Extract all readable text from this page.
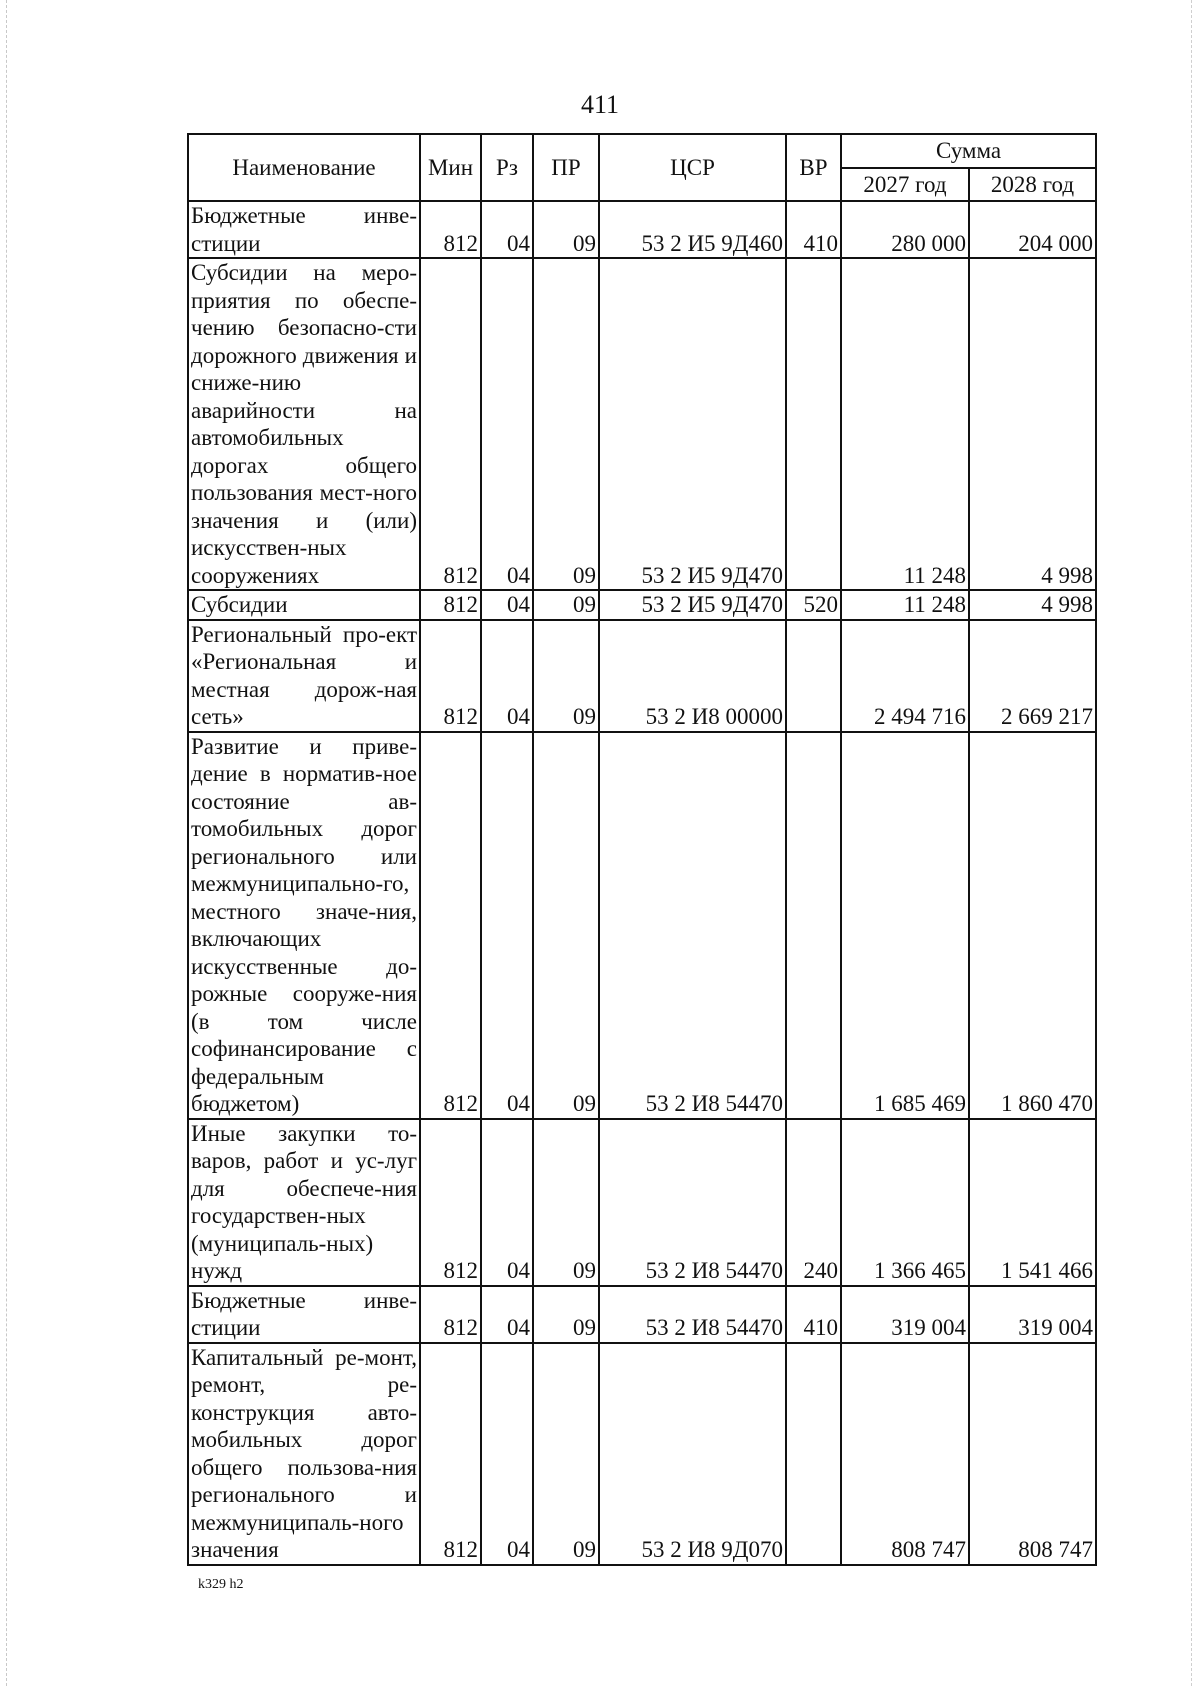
411
Наименование	Мин	Рз	ПР	ЦСР	ВР	Сумма	
						2027 год	2028 год
Бюджетные инве-стиции	812	04	09	53 2 И5 9Д460	410	280 000	204 000
Субсидии на меро-приятия по обеспе-чению безопасно-сти дорожного движения и сниже-нию аварийности на автомобильных дорогах общего пользования мест-ного значения и (или) искусствен-ных сооружениях	812	04	09	53 2 И5 9Д470		11 248	4 998
Субсидии	812	04	09	53 2 И5 9Д470	520	11 248	4 998
Региональный про-ект «Региональная и местная дорож-ная сеть»	812	04	09	53 2 И8 00000		2 494 716	2 669 217
Развитие и приве-дение в норматив-ное состояние ав-томобильных дорог регионального или межмуниципально-го, местного значе-ния, включающих искусственные до-рожные сооруже-ния (в том числе софинансирование с федеральным бюджетом)	812	04	09	53 2 И8 54470		1 685 469	1 860 470
Иные закупки то-варов, работ и ус-луг для обеспече-ния государствен-ных (муниципаль-ных) нужд	812	04	09	53 2 И8 54470	240	1 366 465	1 541 466
Бюджетные инве-стиции	812	04	09	53 2 И8 54470	410	319 004	319 004
Капитальный ре-монт, ремонт, ре-конструкция авто-мобильных дорог общего пользова-ния регионального и межмуниципаль-ного значения	812	04	09	53 2 И8 9Д070		808 747	808 747
k329 h2
